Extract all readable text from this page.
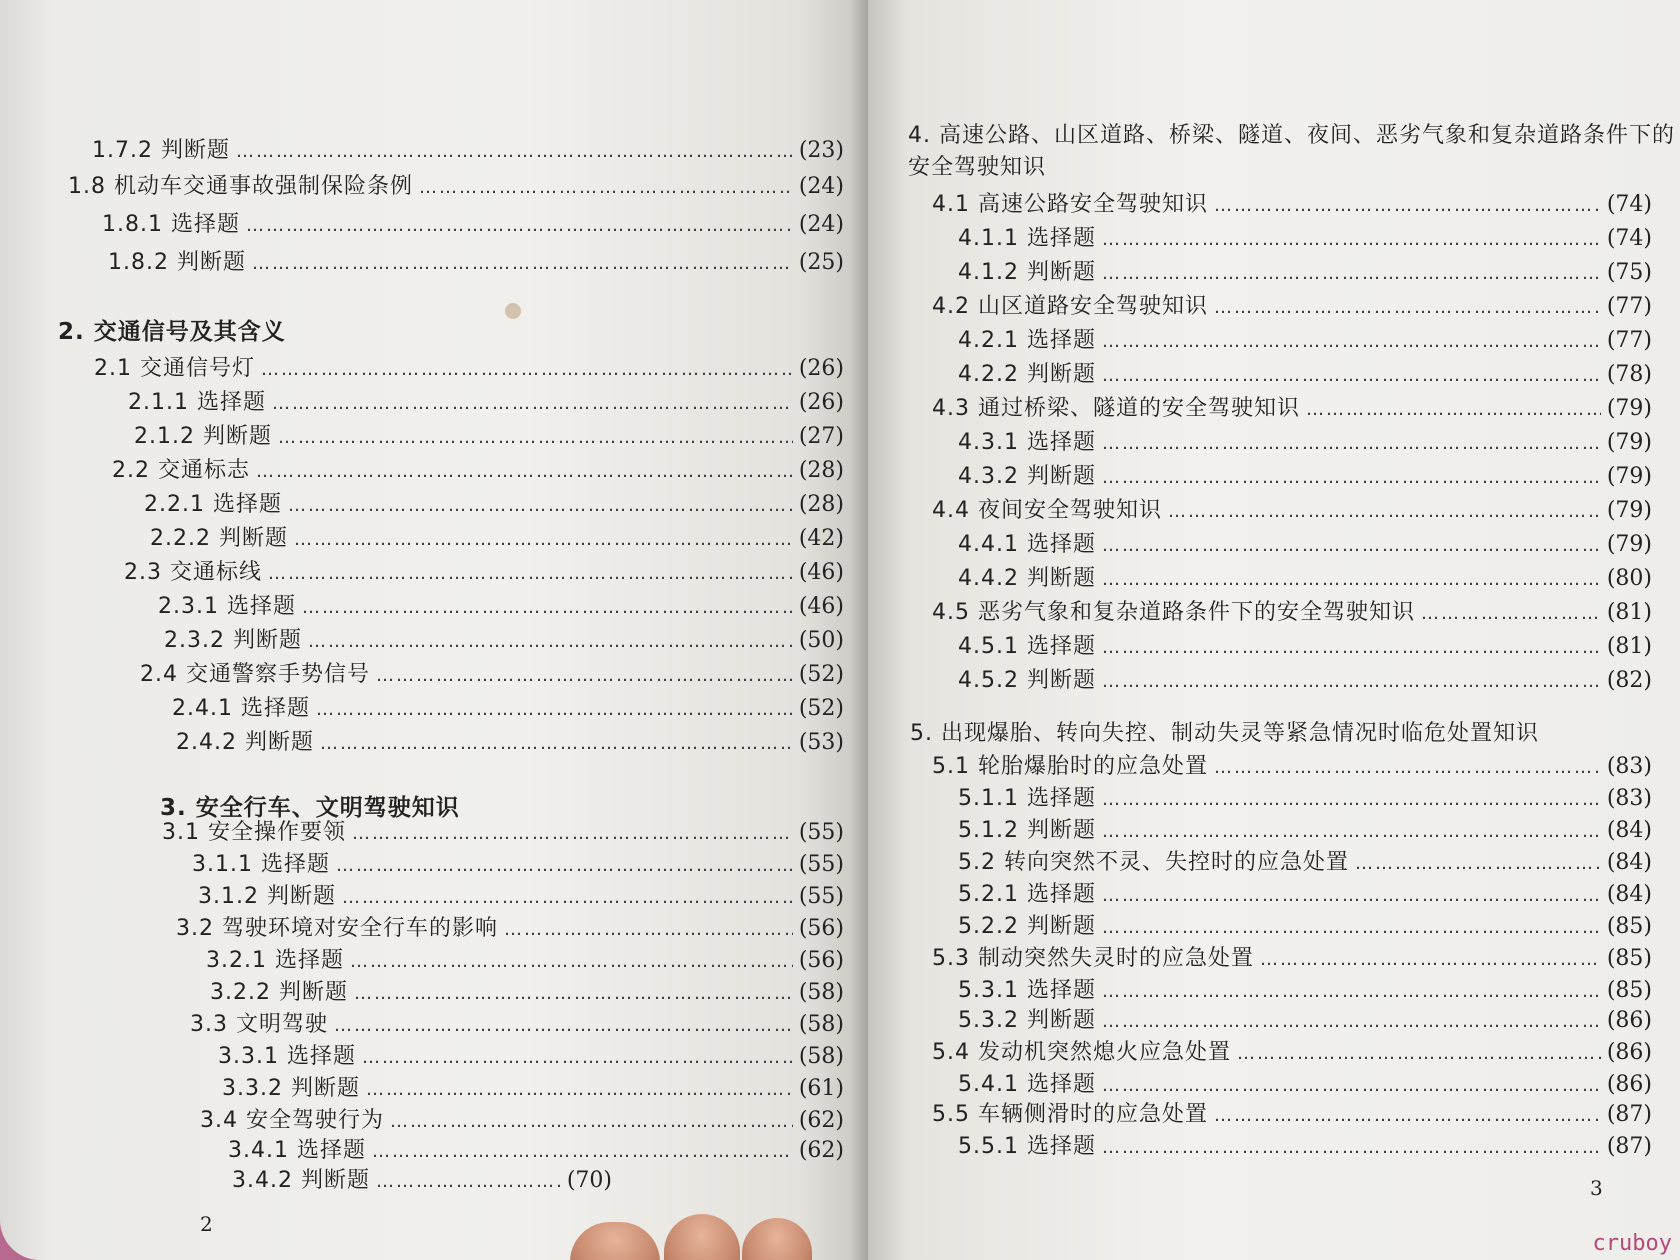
1.7.2 判断题 ………………………………………………………………………………………………………………	(23)
1.8 机动车交通事故强制保险条例 ………………………………………………………………………………………………………………	(24)
1.8.1 选择题 ………………………………………………………………………………………………………………	(24)
1.8.2 判断题 ………………………………………………………………………………………………………………	(25)
2. 交通信号及其含义
2.1 交通信号灯 ………………………………………………………………………………………………………………	(26)
2.1.1 选择题 ………………………………………………………………………………………………………………	(26)
2.1.2 判断题 ………………………………………………………………………………………………………………	(27)
2.2 交通标志 ………………………………………………………………………………………………………………	(28)
2.2.1 选择题 ………………………………………………………………………………………………………………	(28)
2.2.2 判断题 ………………………………………………………………………………………………………………	(42)
2.3 交通标线 ………………………………………………………………………………………………………………	(46)
2.3.1 选择题 ………………………………………………………………………………………………………………	(46)
2.3.2 判断题 ………………………………………………………………………………………………………………	(50)
2.4 交通警察手势信号 ………………………………………………………………………………………………………………	(52)
2.4.1 选择题 ………………………………………………………………………………………………………………	(52)
2.4.2 判断题 ………………………………………………………………………………………………………………	(53)
3. 安全行车、文明驾驶知识
3.1 安全操作要领 ………………………………………………………………………………………………………………	(55)
3.1.1 选择题 ………………………………………………………………………………………………………………	(55)
3.1.2 判断题 ………………………………………………………………………………………………………………	(55)
3.2 驾驶环境对安全行车的影响 ………………………………………………………………………………………………………………	(56)
3.2.1 选择题 ………………………………………………………………………………………………………………	(56)
3.2.2 判断题 ………………………………………………………………………………………………………………	(58)
3.3 文明驾驶 ………………………………………………………………………………………………………………	(58)
3.3.1 选择题 ………………………………………………………………………………………………………………	(58)
3.3.2 判断题 ………………………………………………………………………………………………………………	(61)
3.4 安全驾驶行为 ………………………………………………………………………………………………………………	(62)
3.4.1 选择题 ………………………………………………………………………………………………………………	(62)
3.4.2 判断题 ………………………………………………………………………………………………………………	(70)
2
4. 高速公路、山区道路、桥梁、隧道、夜间、恶劣气象和复杂道路条件下的安全驾驶知识
4.1 高速公路安全驾驶知识 ………………………………………………………………………………………………………………	(74)
4.1.1 选择题 ………………………………………………………………………………………………………………	(74)
4.1.2 判断题 ………………………………………………………………………………………………………………	(75)
4.2 山区道路安全驾驶知识 ………………………………………………………………………………………………………………	(77)
4.2.1 选择题 ………………………………………………………………………………………………………………	(77)
4.2.2 判断题 ………………………………………………………………………………………………………………	(78)
4.3 通过桥梁、隧道的安全驾驶知识 ………………………………………………………………………………………………………………	(79)
4.3.1 选择题 ………………………………………………………………………………………………………………	(79)
4.3.2 判断题 ………………………………………………………………………………………………………………	(79)
4.4 夜间安全驾驶知识 ………………………………………………………………………………………………………………	(79)
4.4.1 选择题 ………………………………………………………………………………………………………………	(79)
4.4.2 判断题 ………………………………………………………………………………………………………………	(80)
4.5 恶劣气象和复杂道路条件下的安全驾驶知识 ………………………………………………………………………………………………………………	(81)
4.5.1 选择题 ………………………………………………………………………………………………………………	(81)
4.5.2 判断题 ………………………………………………………………………………………………………………	(82)
5. 出现爆胎、转向失控、制动失灵等紧急情况时临危处置知识
5.1 轮胎爆胎时的应急处置 ………………………………………………………………………………………………………………	(83)
5.1.1 选择题 ………………………………………………………………………………………………………………	(83)
5.1.2 判断题 ………………………………………………………………………………………………………………	(84)
5.2 转向突然不灵、失控时的应急处置 ………………………………………………………………………………………………………………	(84)
5.2.1 选择题 ………………………………………………………………………………………………………………	(84)
5.2.2 判断题 ………………………………………………………………………………………………………………	(85)
5.3 制动突然失灵时的应急处置 ………………………………………………………………………………………………………………	(85)
5.3.1 选择题 ………………………………………………………………………………………………………………	(85)
5.3.2 判断题 ………………………………………………………………………………………………………………	(86)
5.4 发动机突然熄火应急处置 ………………………………………………………………………………………………………………	(86)
5.4.1 选择题 ………………………………………………………………………………………………………………	(86)
5.5 车辆侧滑时的应急处置 ………………………………………………………………………………………………………………	(87)
5.5.1 选择题 ………………………………………………………………………………………………………………	(87)
3
cruboy
